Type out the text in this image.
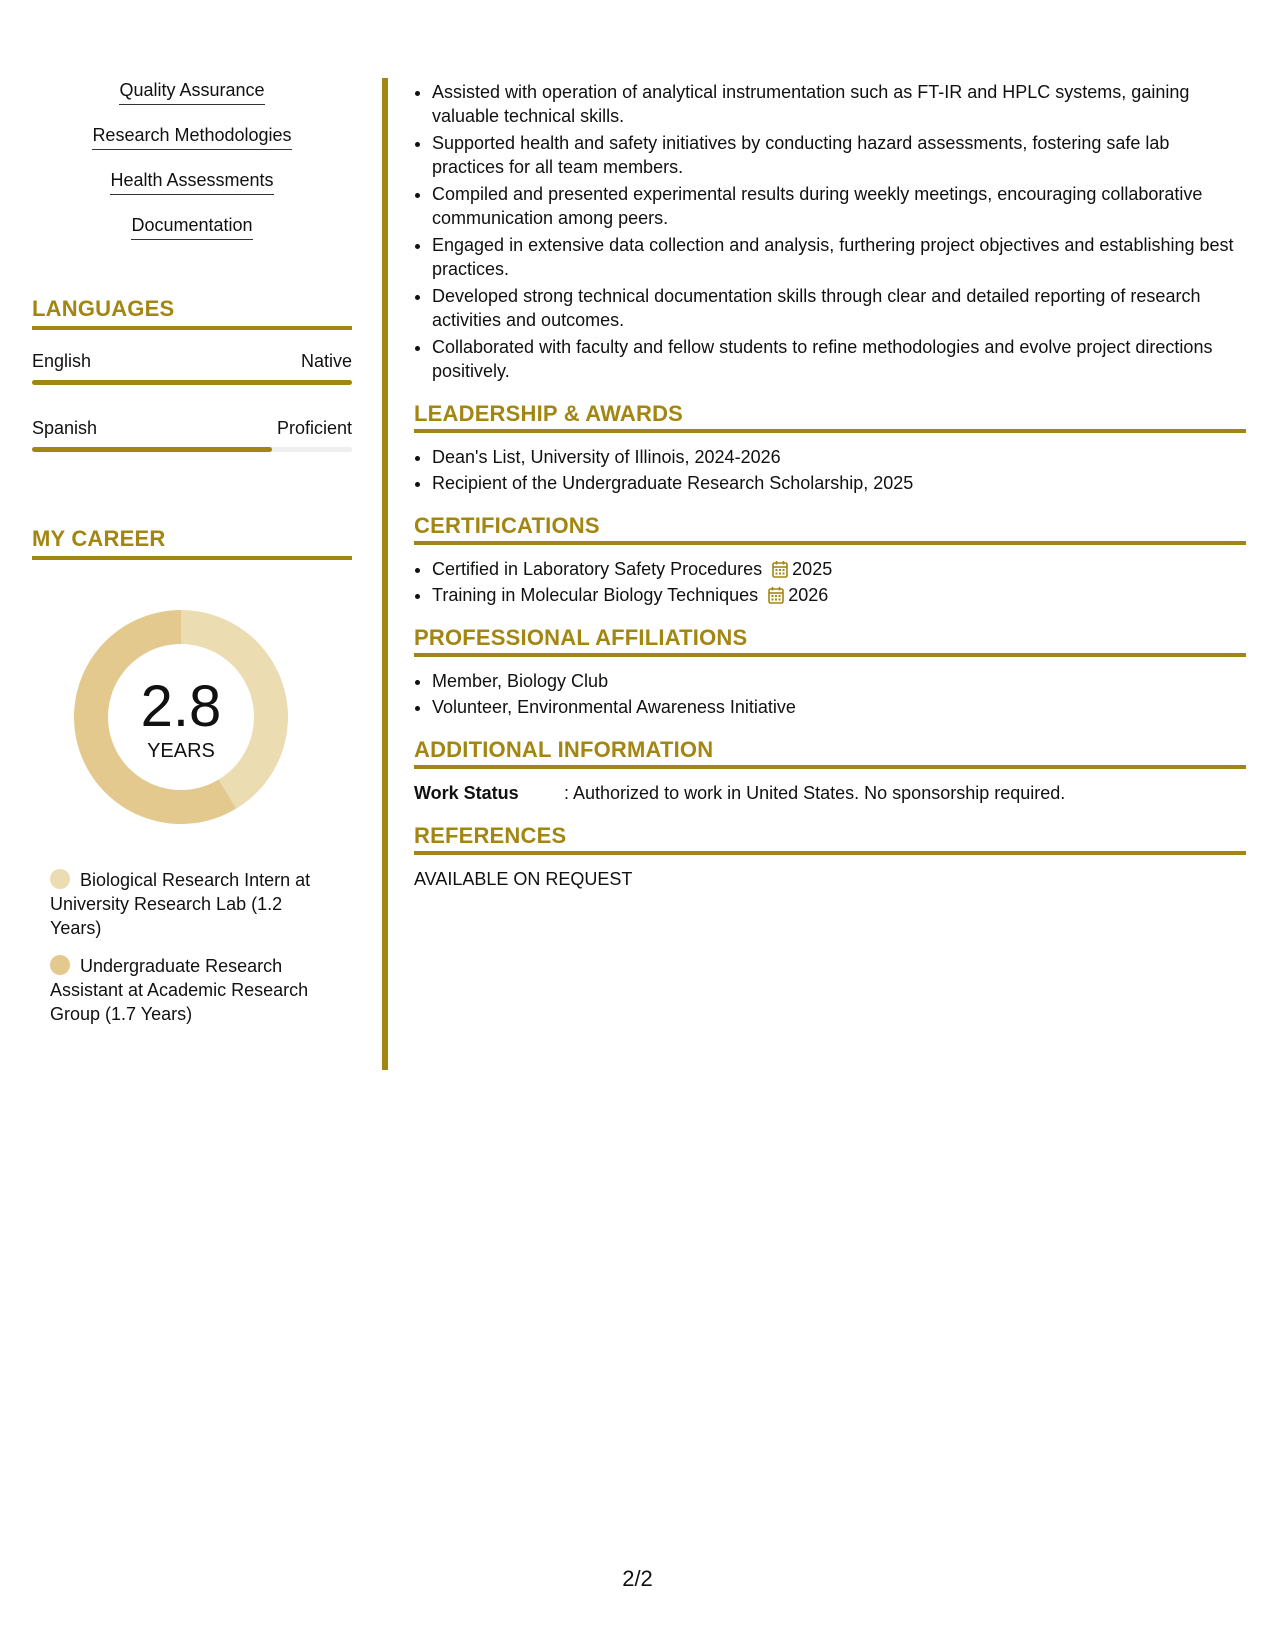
Quality Assurance
Research Methodologies
Health Assessments
Documentation
LANGUAGES
English	Native
Spanish	Proficient
MY CAREER
2.8
YEARS
Biological Research Intern at University Research Lab (1.2 Years)
Undergraduate Research Assistant at Academic Research Group (1.7 Years)
• Assisted with operation of analytical instrumentation such as FT-IR and HPLC systems, gaining valuable technical skills.
• Supported health and safety initiatives by conducting hazard assessments, fostering safe lab practices for all team members.
• Compiled and presented experimental results during weekly meetings, encouraging collaborative communication among peers.
• Engaged in extensive data collection and analysis, furthering project objectives and establishing best practices.
• Developed strong technical documentation skills through clear and detailed reporting of research activities and outcomes.
• Collaborated with faculty and fellow students to refine methodologies and evolve project directions positively.
LEADERSHIP & AWARDS
• Dean's List, University of Illinois, 2024-2026
• Recipient of the Undergraduate Research Scholarship, 2025
CERTIFICATIONS
• Certified in Laboratory Safety Procedures 2025
• Training in Molecular Biology Techniques 2026
PROFESSIONAL AFFILIATIONS
• Member, Biology Club
• Volunteer, Environmental Awareness Initiative
ADDITIONAL INFORMATION
Work Status	: Authorized to work in United States. No sponsorship required.
REFERENCES
AVAILABLE ON REQUEST
2/2
